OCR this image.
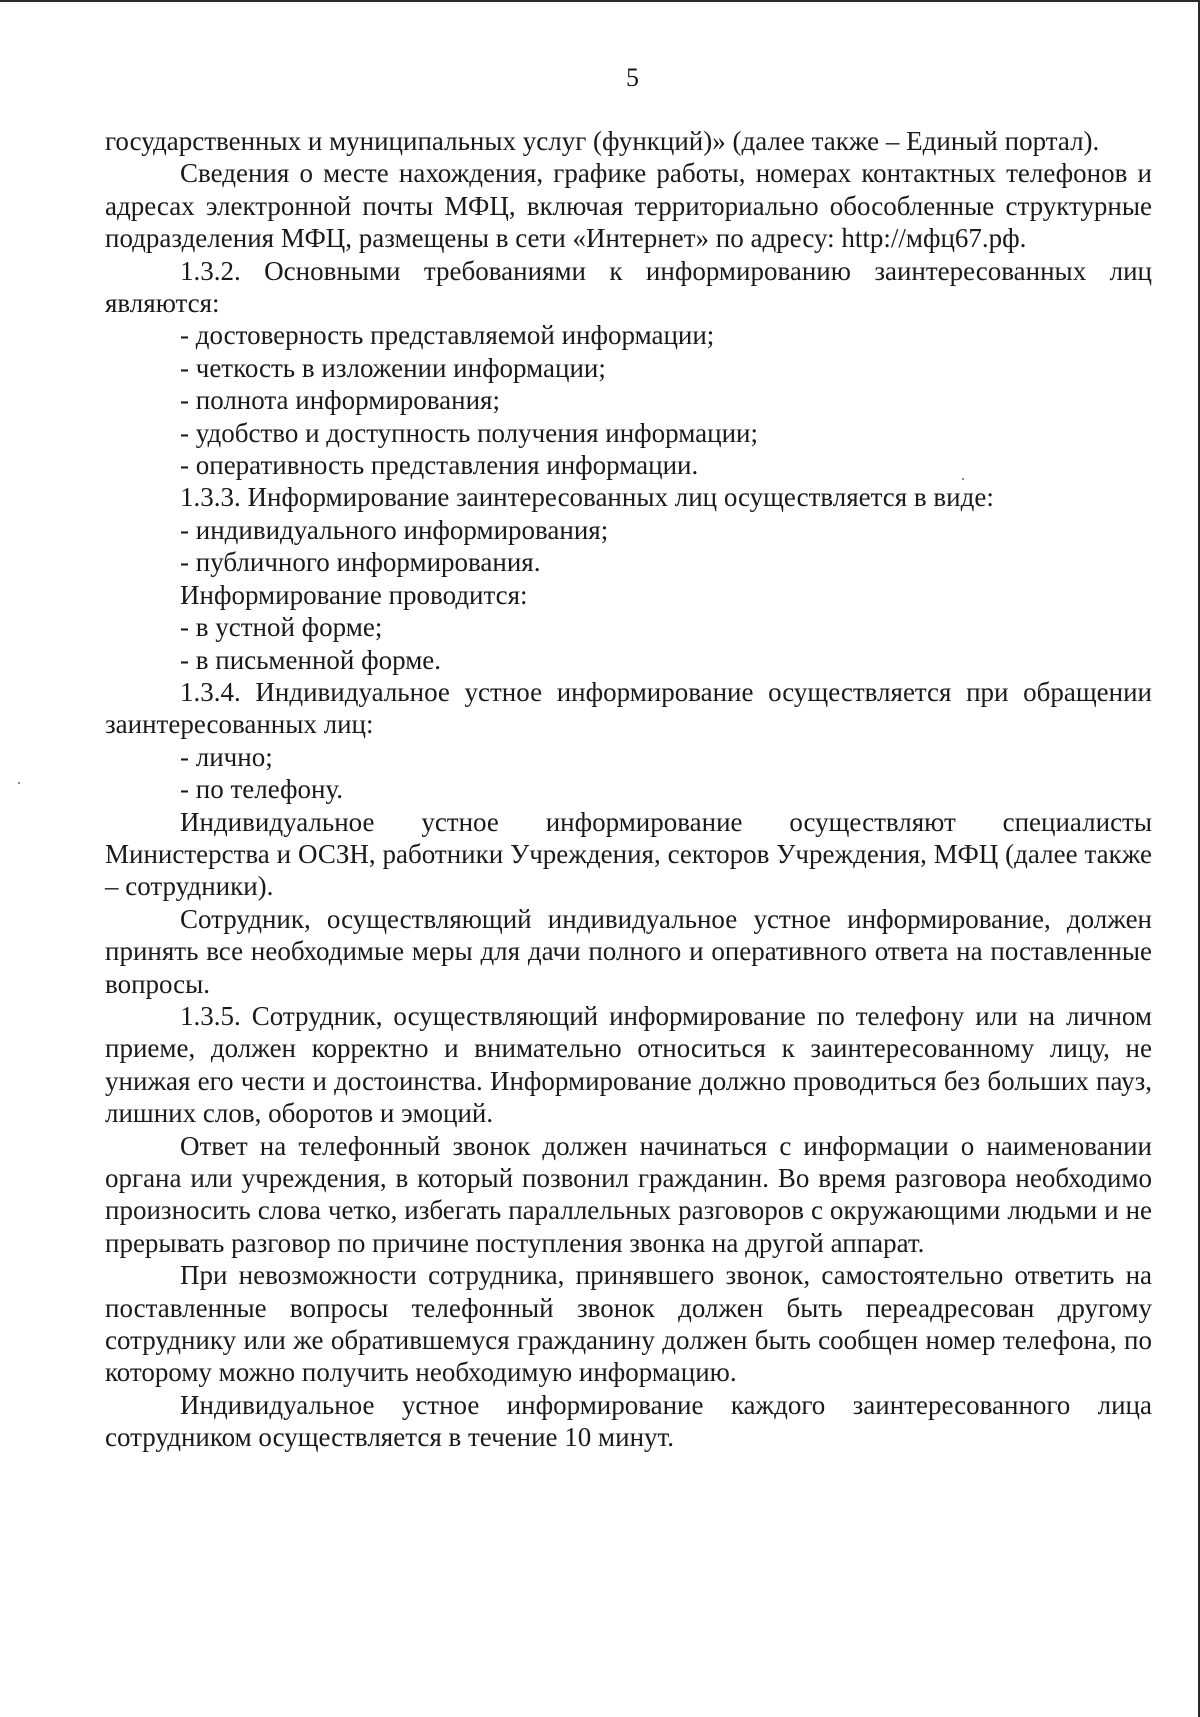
5

государственных и муниципальных услуг (функций)» (далее также – Единый портал).

Сведения о месте нахождения, графике работы, номерах контактных телефонов и адресах электронной почты МФЦ, включая территориально обособленные структурные подразделения МФЦ, размещены в сети «Интернет» по адресу: http://мфц67.рф.

1.3.2. Основными требованиями к информированию заинтересованных лиц являются:

- достоверность представляемой информации;

- четкость в изложении информации;

- полнота информирования;

- удобство и доступность получения информации;

- оперативность представления информации.

1.3.3. Информирование заинтересованных лиц осуществляется в виде:

- индивидуального информирования;

- публичного информирования.

Информирование проводится:

- в устной форме;

- в письменной форме.

1.3.4. Индивидуальное устное информирование осуществляется при обращении заинтересованных лиц:

- лично;

- по телефону.

Индивидуальное устное информирование осуществляют специалисты Министерства и ОСЗН, работники Учреждения, секторов Учреждения, МФЦ (далее также – сотрудники).

Сотрудник, осуществляющий индивидуальное устное информирование, должен принять все необходимые меры для дачи полного и оперативного ответа на поставленные вопросы.

1.3.5. Сотрудник, осуществляющий информирование по телефону или на личном приеме, должен корректно и внимательно относиться к заинтересованному лицу, не унижая его чести и достоинства. Информирование должно проводиться без больших пауз, лишних слов, оборотов и эмоций.

Ответ на телефонный звонок должен начинаться с информации о наименовании органа или учреждения, в который позвонил гражданин. Во время разговора необходимо произносить слова четко, избегать параллельных разговоров с окружающими людьми и не прерывать разговор по причине поступления звонка на другой аппарат.

При невозможности сотрудника, принявшего звонок, самостоятельно ответить на поставленные вопросы телефонный звонок должен быть переадресован другому сотруднику или же обратившемуся гражданину должен быть сообщен номер телефона, по которому можно получить необходимую информацию.

Индивидуальное устное информирование каждого заинтересованного лица сотрудником осуществляется в течение 10 минут.
